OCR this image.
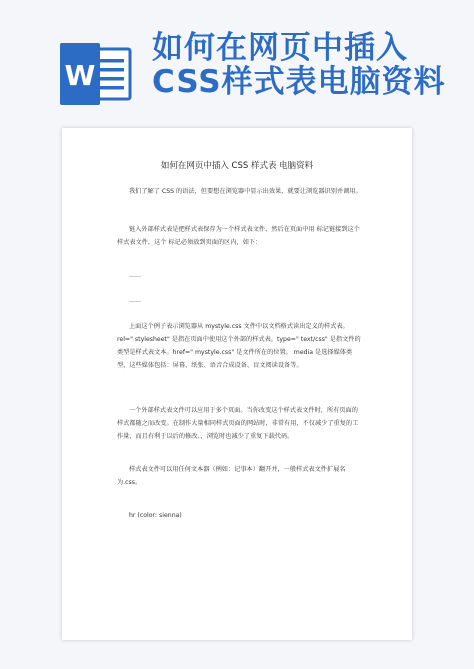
W
如何在网页中插入
CSS样式表电脑资料
如何在网页中插入 CSS 样式表 电脑资料

我们了解了 CSS 的语法，但要想在浏览器中显示出效果，就要让浏览器识别并调用。

链入外部样式表是把样式表保存为一个样式表文件，然后在页面中用 标记链接到这个样式表文件，这个 标记必须放到页面的区内，如下：

……
……

上面这个例子表示浏览器从 mystyle.css 文件中以文档格式读出定义的样式表。rel=" stylesheet" 是指在页面中使用这个外部的样式表。type=" text/css" 是指文件的类型是样式表文本。href=" mystyle.css" 是文件所在的位置。 media 是选择媒体类型，这些媒体包括：屏幕、纸张、语音合成设备、盲文阅读设备等。

一个外部样式表文件可以应用于多个页面。当你改变这个样式表文件时，所有页面的样式都随之而改变。在制作大量相同样式页面的网站时，非常有用，不仅减少了重复的工作量，而且有利于以后的修改、，浏览时也减少了重复下载代码。

样式表文件可以用任何文本器（例如：记事本）翻开并，一般样式表文件扩展名为.css。

hr (color: sienna)
